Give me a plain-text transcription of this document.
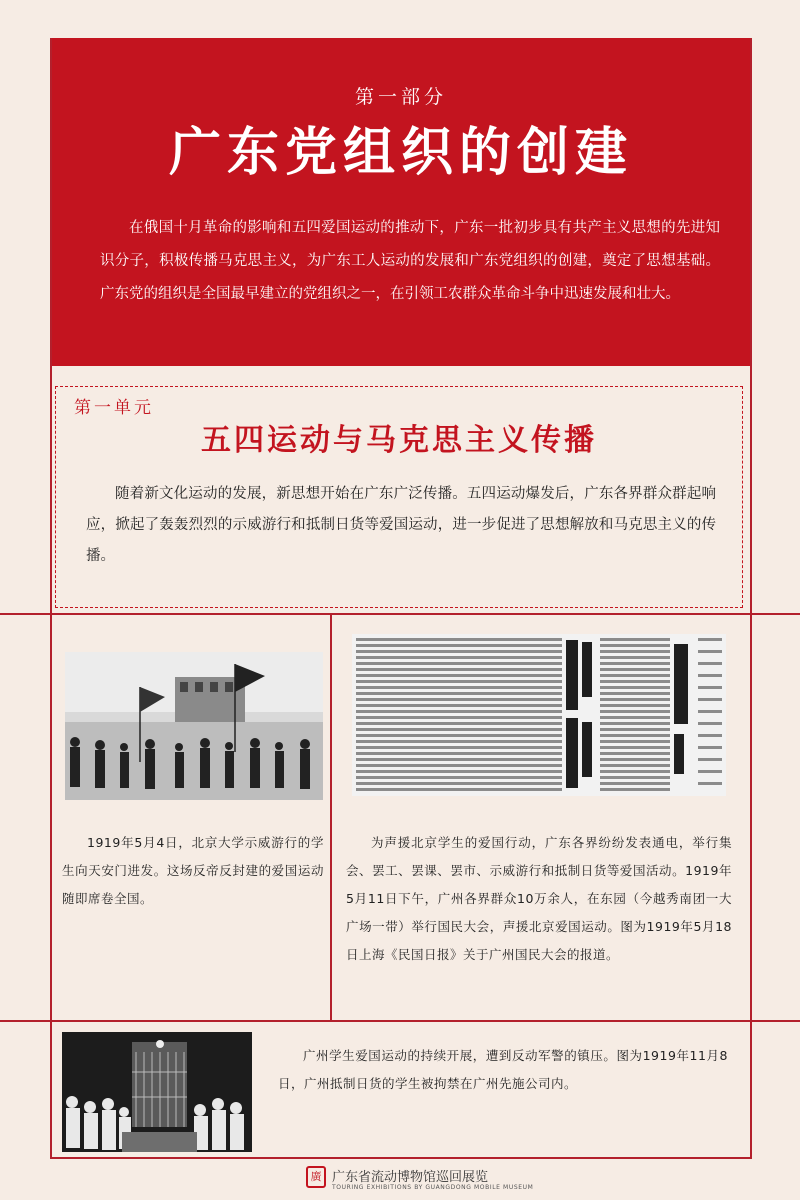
第一部分
广东党组织的创建
在俄国十月革命的影响和五四爱国运动的推动下，广东一批初步具有共产主义思想的先进知识分子，积极传播马克思主义，为广东工人运动的发展和广东党组织的创建，奠定了思想基础。广东党的组织是全国最早建立的党组织之一，在引领工农群众革命斗争中迅速发展和壮大。
第一单元
五四运动与马克思主义传播
随着新文化运动的发展，新思想开始在广东广泛传播。五四运动爆发后，广东各界群众群起响应，掀起了轰轰烈烈的示威游行和抵制日货等爱国运动，进一步促进了思想解放和马克思主义的传播。
1919年5月4日，北京大学示威游行的学生向天安门进发。这场反帝反封建的爱国运动随即席卷全国。
为声援北京学生的爱国行动，广东各界纷纷发表通电，举行集会、罢工、罢课、罢市、示威游行和抵制日货等爱国活动。1919年5月11日下午，广州各界群众10万余人，在东园（今越秀南团一大广场一带）举行国民大会，声援北京爱国运动。图为1919年5月18日上海《民国日报》关于广州国民大会的报道。
广州学生爱国运动的持续开展，遭到反动军警的镇压。图为1919年11月8日，广州抵制日货的学生被拘禁在广州先施公司内。
廣 广东省流动博物馆巡回展览
TOURING EXHIBITIONS BY GUANGDONG MOBILE MUSEUM
